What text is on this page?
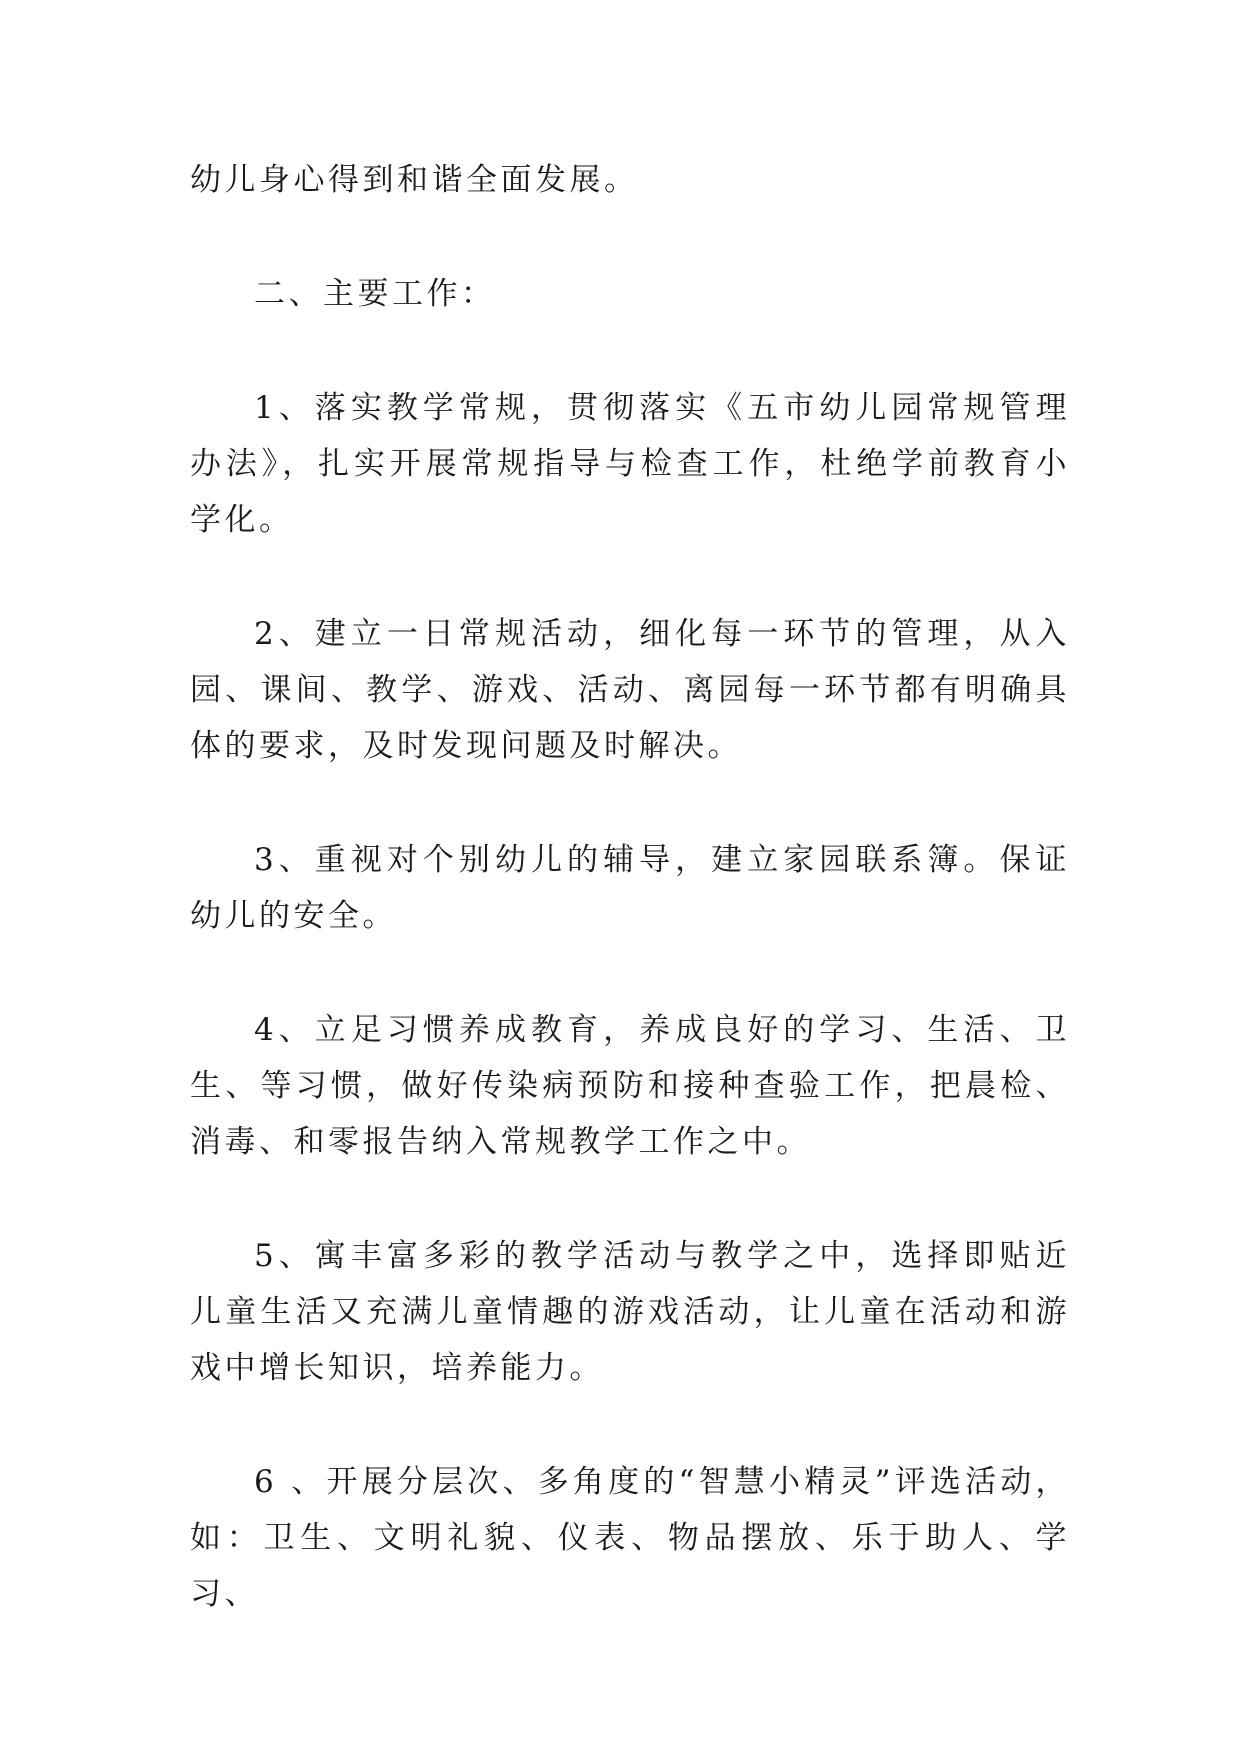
幼儿身心得到和谐全面发展。

二、主要工作：

1、落实教学常规，贯彻落实《五市幼儿园常规管理办法》，扎实开展常规指导与检查工作，杜绝学前教育小学化。

2、建立一日常规活动，细化每一环节的管理，从入园、课间、教学、游戏、活动、离园每一环节都有明确具体的要求，及时发现问题及时解决。

3、重视对个别幼儿的辅导，建立家园联系簿。保证幼儿的安全。

4、立足习惯养成教育，养成良好的学习、生活、卫生、等习惯，做好传染病预防和接种查验工作，把晨检、消毒、和零报告纳入常规教学工作之中。

5、寓丰富多彩的教学活动与教学之中，选择即贴近儿童生活又充满儿童情趣的游戏活动，让儿童在活动和游戏中增长知识，培养能力。

6 、开展分层次、多角度的“智慧小精灵”评选活动，如：卫生、文明礼貌、仪表、物品摆放、乐于助人、学习、
